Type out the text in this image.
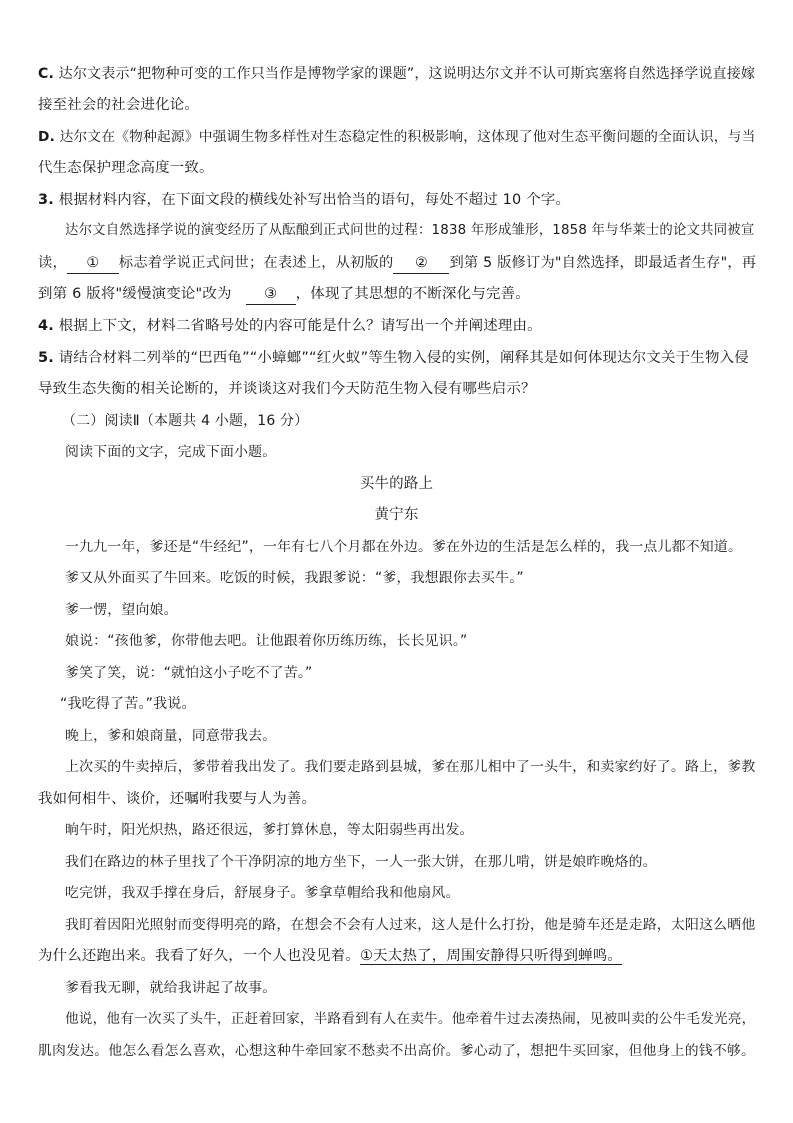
C. 达尔文表示“把物种可变的工作只当作是博物学家的课题”，这说明达尔文并不认可斯宾塞将自然选择学说直接嫁
接至社会的社会进化论。
D. 达尔文在《物种起源》中强调生物多样性对生态稳定性的积极影响，这体现了他对生态平衡问题的全面认识，与当
代生态保护理念高度一致。
3. 根据材料内容，在下面文段的横线处补写出恰当的语句，每处不超过 10 个字。
达尔文自然选择学说的演变经历了从酝酿到正式问世的过程：1838 年形成雏形，1858 年与华莱士的论文共同被宣
读， ① 标志着学说正式问世；在表述上，从初版的 ② 到第 5 版修订为"自然选择，即最适者生存"，再
到第 6 版将"缓慢演变论"改为 ③ ，体现了其思想的不断深化与完善。
4. 根据上下文，材料二省略号处的内容可能是什么？请写出一个并阐述理由。
5. 请结合材料二列举的“巴西龟”“小蟑螂”“红火蚁”等生物入侵的实例，阐释其是如何体现达尔文关于生物入侵
导致生态失衡的相关论断的，并谈谈这对我们今天防范生物入侵有哪些启示？
（二）阅读Ⅱ（本题共 4 小题，16 分）
阅读下面的文字，完成下面小题。
买牛的路上
黄宁东
一九九一年，爹还是“牛经纪”，一年有七八个月都在外边。爹在外边的生活是怎么样的，我一点儿都不知道。
爹又从外面买了牛回来。吃饭的时候，我跟爹说：“爹，我想跟你去买牛。”
爹一愣，望向娘。
娘说：“孩他爹，你带他去吧。让他跟着你历练历练，长长见识。”
爹笑了笑，说：“就怕这小子吃不了苦。”
“我吃得了苦。”我说。
晚上，爹和娘商量，同意带我去。
上次买的牛卖掉后，爹带着我出发了。我们要走路到县城，爹在那儿相中了一头牛，和卖家约好了。路上，爹教
我如何相牛、谈价，还嘱咐我要与人为善。
晌午时，阳光炽热，路还很远，爹打算休息，等太阳弱些再出发。
我们在路边的林子里找了个干净阴凉的地方坐下，一人一张大饼，在那儿啃，饼是娘昨晚烙的。
吃完饼，我双手撑在身后，舒展身子。爹拿草帽给我和他扇风。
我盯着因阳光照射而变得明亮的路，在想会不会有人过来，这人是什么打扮，他是骑车还是走路，太阳这么晒他
为什么还跑出来。我看了好久，一个人也没见着。①天太热了，周围安静得只听得到蝉鸣。
爹看我无聊，就给我讲起了故事。
他说，他有一次买了头牛，正赶着回家，半路看到有人在卖牛。他牵着牛过去凑热闹，见被叫卖的公牛毛发光亮，
肌肉发达。他怎么看怎么喜欢，心想这种牛牵回家不愁卖不出高价。爹心动了，想把牛买回家，但他身上的钱不够。
